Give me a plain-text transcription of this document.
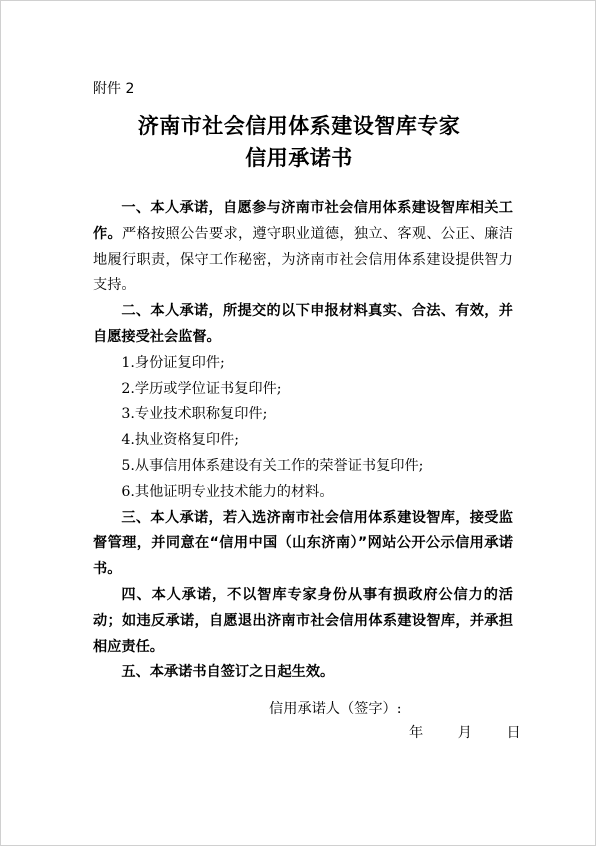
附件 2
济南市社会信用体系建设智库专家
信用承诺书

一、本人承诺，自愿参与济南市社会信用体系建设智库相关工作。严格按照公告要求，遵守职业道德，独立、客观、公正、廉洁地履行职责，保守工作秘密，为济南市社会信用体系建设提供智力支持。

二、本人承诺，所提交的以下申报材料真实、合法、有效，并自愿接受社会监督。

1.身份证复印件;

2.学历或学位证书复印件;

3.专业技术职称复印件;

4.执业资格复印件;

5.从事信用体系建设有关工作的荣誉证书复印件;

6.其他证明专业技术能力的材料。

三、本人承诺，若入选济南市社会信用体系建设智库，接受监督管理，并同意在“信用中国（山东济南）”网站公开公示信用承诺书。

四、本人承诺，不以智库专家身份从事有损政府公信力的活动；如违反承诺，自愿退出济南市社会信用体系建设智库，并承担相应责任。

五、本承诺书自签订之日起生效。

信用承诺人（签字）:
年 月 日
